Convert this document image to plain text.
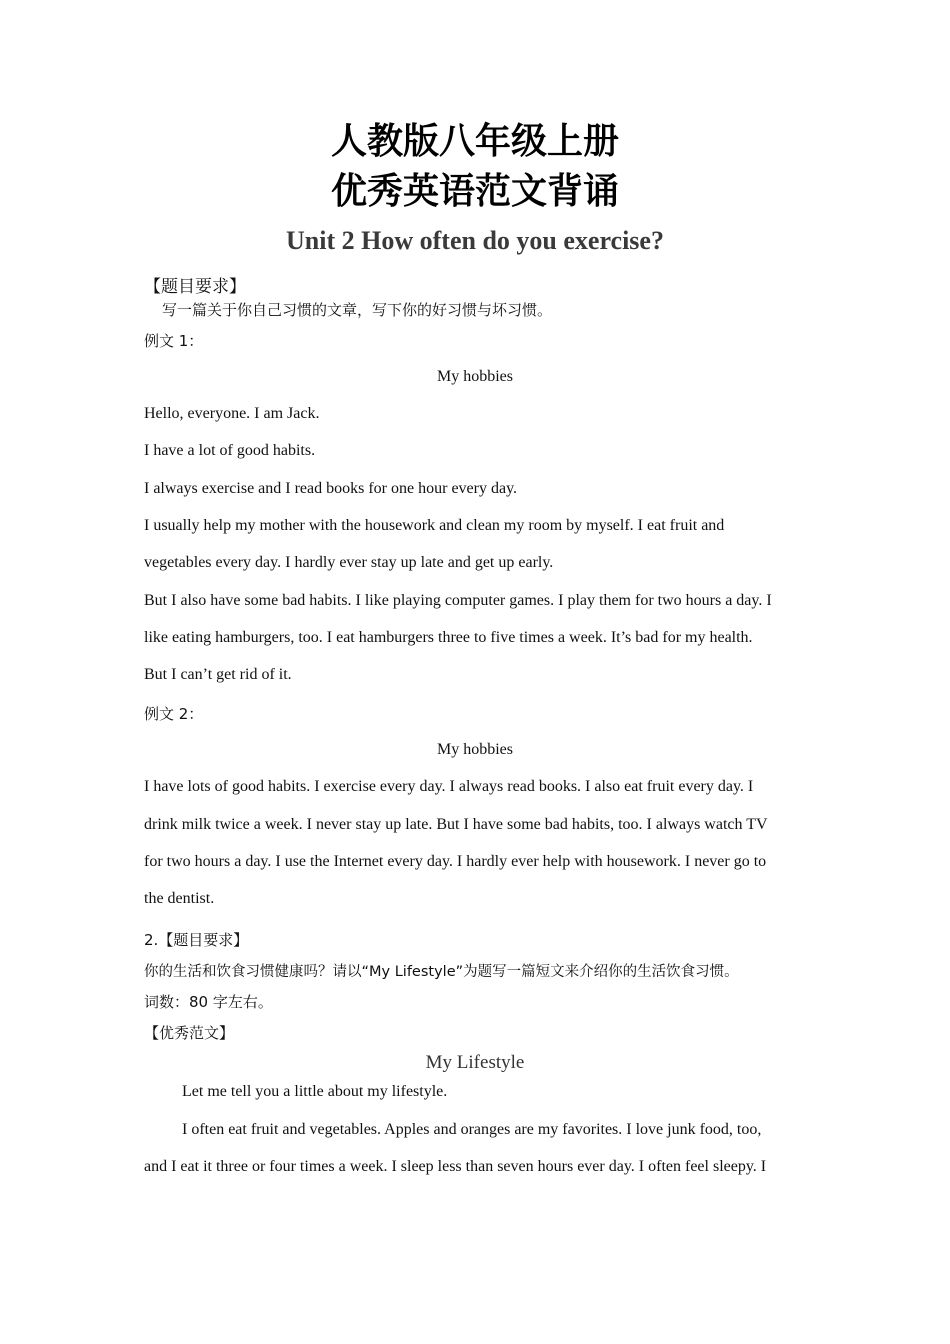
人教版八年级上册
优秀英语范文背诵
Unit 2 How often do you exercise?
【题目要求】
写一篇关于你自己习惯的文章，写下你的好习惯与坏习惯。
例文 1：
My hobbies
Hello, everyone. I am Jack.
I have a lot of good habits.
I always exercise and I read books for one hour every day.
I usually help my mother with the housework and clean my room by myself. I eat fruit and
vegetables every day. I hardly ever stay up late and get up early.
But I also have some bad habits. I like playing computer games. I play them for two hours a day. I
like eating hamburgers, too. I eat hamburgers three to five times a week. It’s bad for my health.
But I can’t get rid of it.
例文 2：
My hobbies
I have lots of good habits. I exercise every day. I always read books. I also eat fruit every day. I
drink milk twice a week. I never stay up late. But I have some bad habits, too. I always watch TV
for two hours a day. I use the Internet every day. I hardly ever help with housework. I never go to
the dentist.
2.【题目要求】
你的生活和饮食习惯健康吗？请以“My Lifestyle”为题写一篇短文来介绍你的生活饮食习惯。
词数：80 字左右。
【优秀范文】
My Lifestyle
Let me tell you a little about my lifestyle.
I often eat fruit and vegetables. Apples and oranges are my favorites. I love junk food, too,
and I eat it three or four times a week. I sleep less than seven hours ever day. I often feel sleepy. I
